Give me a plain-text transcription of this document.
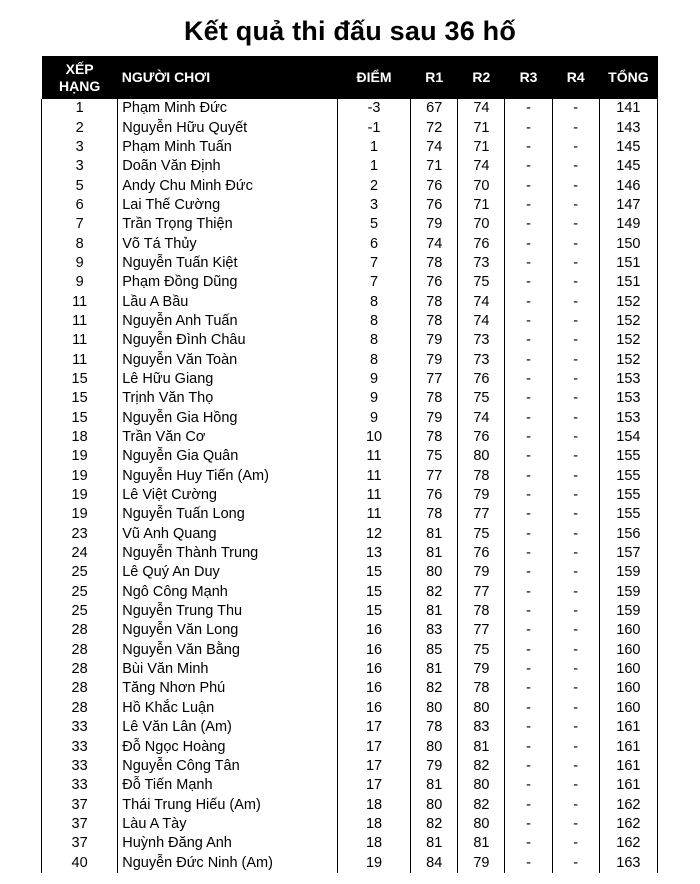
Kết quả thi đấu sau 36 hố
XẾP HẠNG	NGƯỜI CHƠI	ĐIỂM	R1	R2	R3	R4	TỔNG
1	Phạm Minh Đức	-3	67	74	-	-	141
2	Nguyễn Hữu Quyết	-1	72	71	-	-	143
3	Phạm Minh Tuấn	1	74	71	-	-	145
3	Doãn Văn Định	1	71	74	-	-	145
5	Andy Chu Minh Đức	2	76	70	-	-	146
6	Lai Thế Cường	3	76	71	-	-	147
7	Trần Trọng Thiện	5	79	70	-	-	149
8	Võ Tá Thủy	6	74	76	-	-	150
9	Nguyễn Tuấn Kiệt	7	78	73	-	-	151
9	Phạm Đồng Dũng	7	76	75	-	-	151
11	Lầu A Bầu	8	78	74	-	-	152
11	Nguyễn Anh Tuấn	8	78	74	-	-	152
11	Nguyễn Đình Châu	8	79	73	-	-	152
11	Nguyễn Văn Toàn	8	79	73	-	-	152
15	Lê Hữu Giang	9	77	76	-	-	153
15	Trịnh Văn Thọ	9	78	75	-	-	153
15	Nguyễn Gia Hồng	9	79	74	-	-	153
18	Trần Văn Cơ	10	78	76	-	-	154
19	Nguyễn Gia Quân	11	75	80	-	-	155
19	Nguyễn Huy Tiến (Am)	11	77	78	-	-	155
19	Lê Việt Cường	11	76	79	-	-	155
19	Nguyễn Tuấn Long	11	78	77	-	-	155
23	Vũ Anh Quang	12	81	75	-	-	156
24	Nguyễn Thành Trung	13	81	76	-	-	157
25	Lê Quý An Duy	15	80	79	-	-	159
25	Ngô Công Mạnh	15	82	77	-	-	159
25	Nguyễn Trung Thu	15	81	78	-	-	159
28	Nguyễn Văn Long	16	83	77	-	-	160
28	Nguyễn Văn Bằng	16	85	75	-	-	160
28	Bùi Văn Minh	16	81	79	-	-	160
28	Tăng Nhơn Phú	16	82	78	-	-	160
28	Hồ Khắc Luận	16	80	80	-	-	160
33	Lê Văn Lân (Am)	17	78	83	-	-	161
33	Đỗ Ngọc Hoàng	17	80	81	-	-	161
33	Nguyễn Công Tân	17	79	82	-	-	161
33	Đỗ Tiến Mạnh	17	81	80	-	-	161
37	Thái Trung Hiếu (Am)	18	80	82	-	-	162
37	Làu A Tày	18	82	80	-	-	162
37	Huỳnh Đăng Anh	18	81	81	-	-	162
40	Nguyễn Đức Ninh (Am)	19	84	79	-	-	163
